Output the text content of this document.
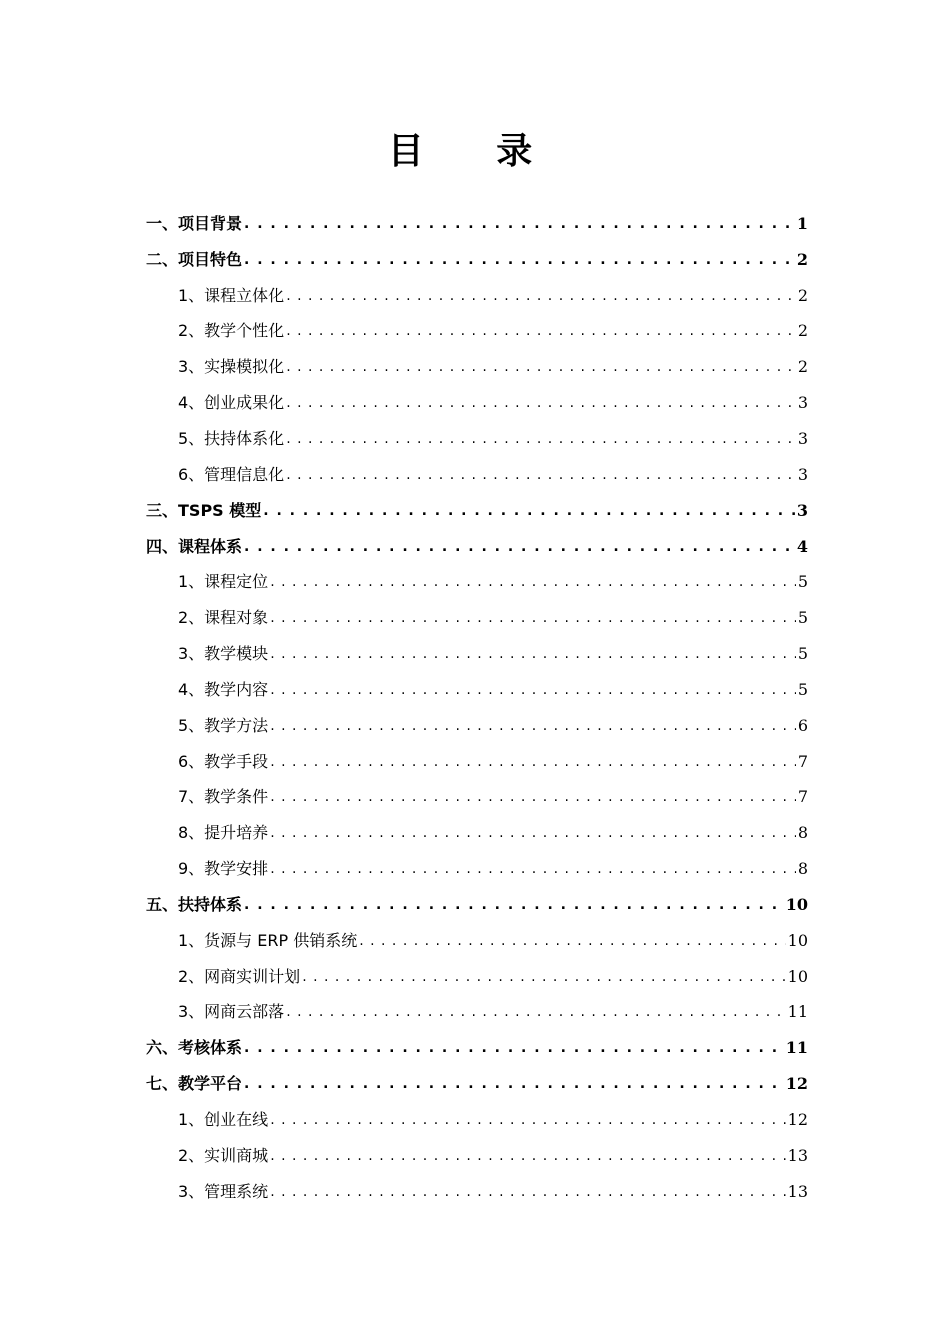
目 录
一、项目背景 . . .	1
二、项目特色 . . .	2
1、课程立体化 . . .	2
2、教学个性化 . . .	2
3、实操模拟化 . . .	2
4、创业成果化 . . .	3
5、扶持体系化 . . .	3
6、管理信息化 . . .	3
三、TSPS 模型 . . .	3
四、课程体系 . . .	4
1、课程定位 . . .	5
2、课程对象 . . .	5
3、教学模块 . . .	5
4、教学内容 . . .	5
5、教学方法 . . .	6
6、教学手段 . . .	7
7、教学条件 . . .	7
8、提升培养 . . .	8
9、教学安排 . . .	8
五、扶持体系 . . .	10
1、货源与 ERP 供销系统 . . .	10
2、网商实训计划 . . .	10
3、网商云部落 . . .	11
六、考核体系 . . .	11
七、教学平台 . . .	12
1、创业在线 . . .	12
2、实训商城 . . .	13
3、管理系统 . . .	13
